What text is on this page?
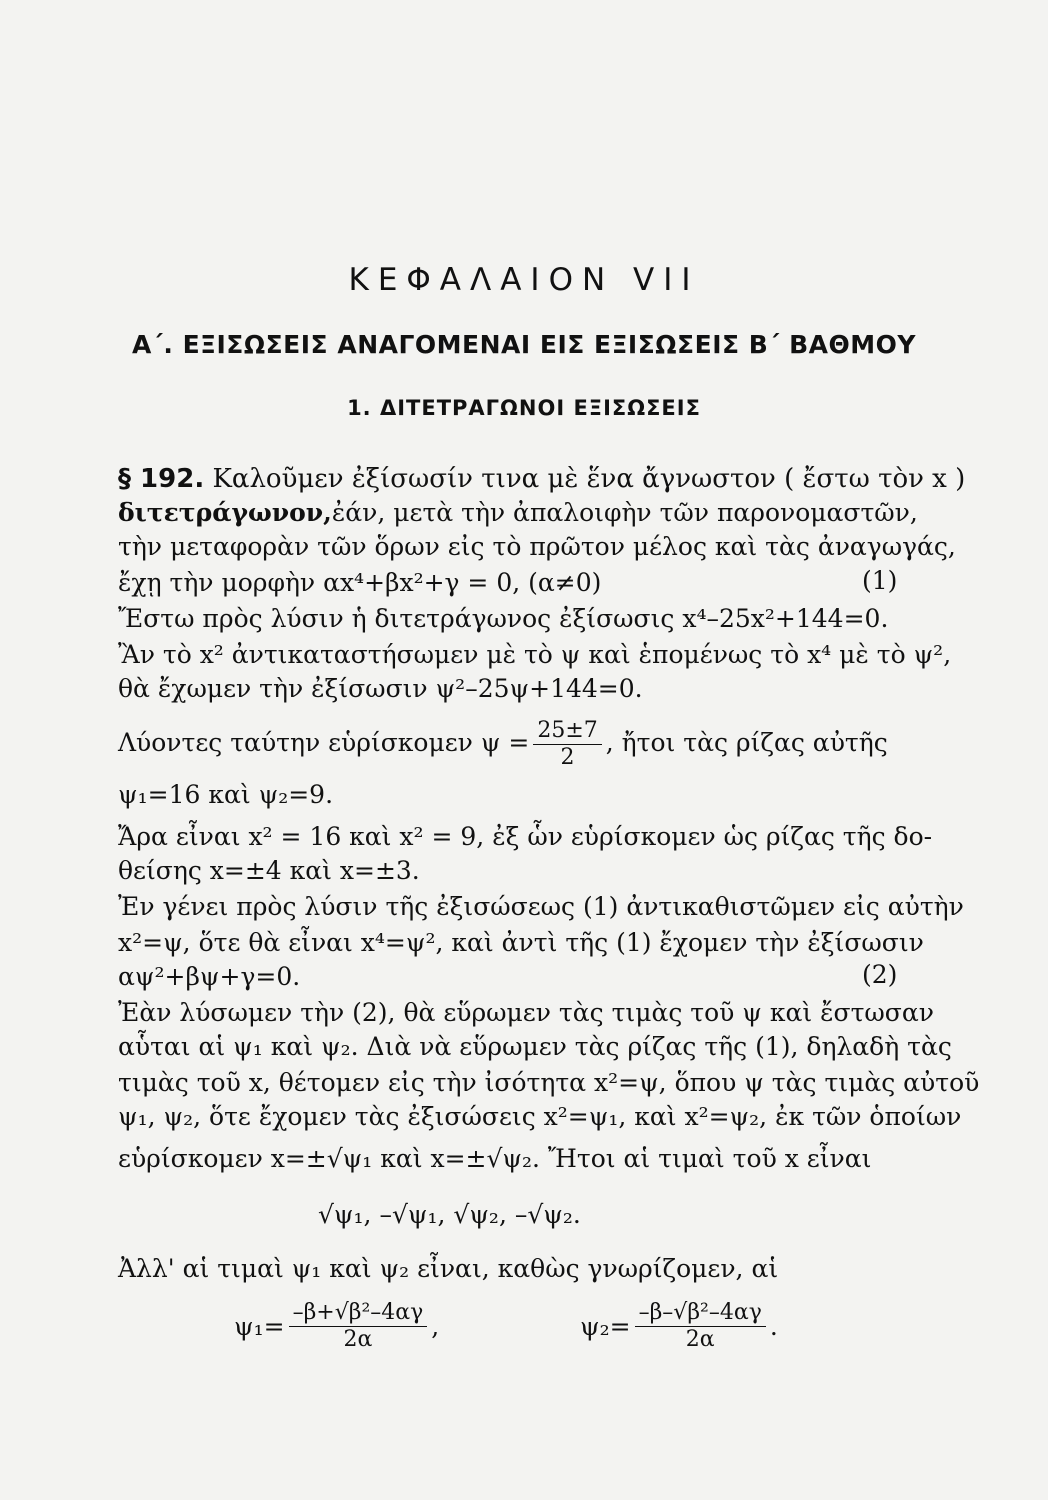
ΚΕΦΑΛΑΙΟΝ VII
Α΄. ΕΞΙΣΩΣΕΙΣ ΑΝΑΓΟΜΕΝΑΙ ΕΙΣ ΕΞΙΣΩΣΕΙΣ Β΄ ΒΑΘΜΟΥ
1. ΔΙΤΕΤΡΑΓΩΝΟΙ ΕΞΙΣΩΣΕΙΣ
§ 192. Καλοῦμεν ἐξίσωσίν τινα μὲ ἕνα ἄγνωστον ( ἔστω τὸν x )
διτετράγωνον, ἐάν, μετὰ τὴν ἀπαλοιφὴν τῶν παρονομαστῶν,
τὴν μεταφορὰν τῶν ὅρων εἰς τὸ πρῶτον μέλος καὶ τὰς ἀναγωγάς,
ἔχῃ τὴν μορφὴν αx⁴+βx²+γ = 0, (α≠0)	(1)
Ἔστω πρὸς λύσιν ἡ διτετράγωνος ἐξίσωσις x⁴–25x²+144=0.
Ἂν τὸ x² ἀντικαταστήσωμεν μὲ τὸ ψ καὶ ἑπομένως τὸ x⁴ μὲ τὸ ψ²,
θὰ ἔχωμεν τὴν ἐξίσωσιν ψ²–25ψ+144=0.
Λύοντες ταύτην εὑρίσκομεν $\psi = \frac{25\pm 7}{2}$ , ἤτοι τὰς ρίζας αὐτῆς
ψ₁=16 καὶ ψ₂=9.
Ἄρα εἶναι x² = 16 καὶ x² = 9, ἐξ ὧν εὑρίσκομεν ὡς ρίζας τῆς δο-
θείσης x=±4 καὶ x=±3.
Ἐν γένει πρὸς λύσιν τῆς ἐξισώσεως (1) ἀντικαθιστῶμεν εἰς αὐτὴν
x²=ψ, ὅτε θὰ εἶναι x⁴=ψ², καὶ ἀντὶ τῆς (1) ἔχομεν τὴν ἐξίσωσιν
αψ²+βψ+γ=0.	(2)
Ἐὰν λύσωμεν τὴν (2), θὰ εὕρωμεν τὰς τιμὰς τοῦ ψ καὶ ἔστωσαν
αὗται αἱ ψ₁ καὶ ψ₂. Διὰ νὰ εὕρωμεν τὰς ρίζας τῆς (1), δηλαδὴ τὰς
τιμὰς τοῦ x, θέτομεν εἰς τὴν ἰσότητα x²=ψ, ὅπου ψ τὰς τιμὰς αὐτοῦ
ψ₁, ψ₂, ὅτε ἔχομεν τὰς ἐξισώσεις x²=ψ₁, καὶ x²=ψ₂, ἐκ τῶν ὁποίων
εὑρίσκομεν x=±√ψ₁ καὶ x=±√ψ₂. Ἤτοι αἱ τιμαὶ τοῦ x εἶναι
√ψ₁, –√ψ₁, √ψ₂, –√ψ₂.
Ἀλλ' αἱ τιμαὶ ψ₁ καὶ ψ₂ εἶναι, καθὼς γνωρίζομεν, αἱ
$\psi_1= \frac{\text{–β+√β²–4αγ}}{2\alpha}$ ,	$\psi_2= \frac{\text{–β–√β²–4αγ}}{2\alpha}$ .
